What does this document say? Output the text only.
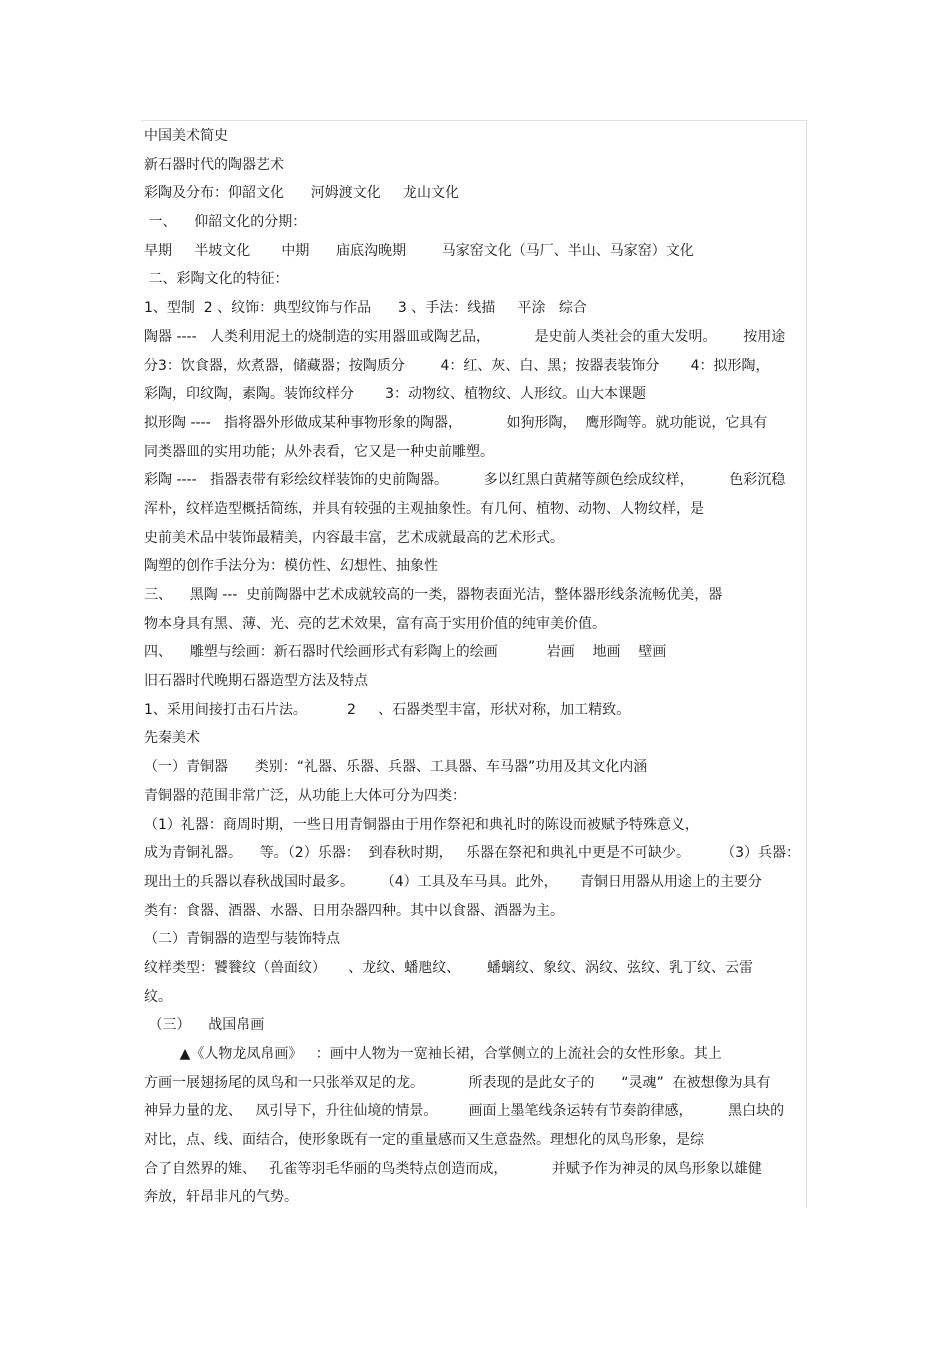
中国美术简史
新石器时代的陶器艺术
彩陶及分布：仰韶文化      河姆渡文化     龙山文化
一、    仰韶文化的分期：
早期     半坡文化       中期      庙底沟晚期        马家窑文化（马厂、半山、马家窑）文化
二、彩陶文化的特征：
1、型制  2 、纹饰：典型纹饰与作品      3 、手法：线描     平涂   综合
陶器 ----   人类利用泥土的烧制造的实用器皿或陶艺品，          是史前人类社会的重大发明。      按用途
分3：饮食器，炊煮器，储藏器；按陶质分        4：红、灰、白、黑；按器表装饰分       4：拟形陶，
彩陶，印纹陶，素陶。装饰纹样分       3：动物纹、植物纹、人形纹。山大本课题
拟形陶 ----   指将器外形做成某种事物形象的陶器，          如狗形陶，  鹰形陶等。就功能说，它具有
同类器皿的实用功能；从外表看，它又是一种史前雕塑。
彩陶 ----   指器表带有彩绘纹样装饰的史前陶器。        多以红黑白黄赭等颜色绘成纹样，        色彩沉稳
浑朴，纹样造型概括简练，并具有较强的主观抽象性。有几何、植物、动物、人物纹样，是
史前美术品中装饰最精美，内容最丰富，艺术成就最高的艺术形式。
陶塑的创作手法分为：模仿性、幻想性、抽象性
三、    黑陶 ---  史前陶器中艺术成就较高的一类，器物表面光洁，整体器形线条流畅优美，器
物本身具有黑、薄、光、亮的艺术效果，富有高于实用价值的纯审美价值。
四、    雕塑与绘画：新石器时代绘画形式有彩陶上的绘画           岩画    地画    壁画
旧石器时代晚期石器造型方法及特点
1、采用间接打击石片法。         2     、石器类型丰富，形状对称，加工精致。
先秦美术
（一）青铜器      类别：“礼器、乐器、兵器、工具器、车马器”功用及其文化内涵
青铜器的范围非常广泛，从功能上大体可分为四类：
（1）礼器：商周时期，一些日用青铜器由于用作祭祀和典礼时的陈设而被赋予特殊意义，
成为青铜礼器。    等。（2）乐器：  到春秋时期，   乐器在祭祀和典礼中更是不可缺少。       （3）兵器：
现出土的兵器以春秋战国时最多。      （4）工具及车马具。此外，     青铜日用器从用途上的主要分
类有：食器、酒器、水器、日用杂器四种。其中以食器、酒器为主。
（二）青铜器的造型与装饰特点
纹样类型：饕餮纹（兽面纹）     、龙纹、蟠虺纹、      蟠螭纹、象纹、涡纹、弦纹、乳丁纹、云雷
纹。
（三）    战国帛画
▲《人物龙凤帛画》   ：画中人物为一宽袖长裙，合掌侧立的上流社会的女性形象。其上
方画一展翅扬尾的凤鸟和一只张举双足的龙。          所表现的是此女子的      “灵魂”  在被想像为具有
神异力量的龙、   凤引导下，升往仙境的情景。       画面上墨笔线条运转有节奏韵律感，        黑白块的
对比，点、线、面结合，使形象既有一定的重量感而又生意盎然。理想化的凤鸟形象，是综
合了自然界的雉、   孔雀等羽毛华丽的鸟类特点创造而成，          并赋予作为神灵的凤鸟形象以雄健
奔放，轩昂非凡的气势。
